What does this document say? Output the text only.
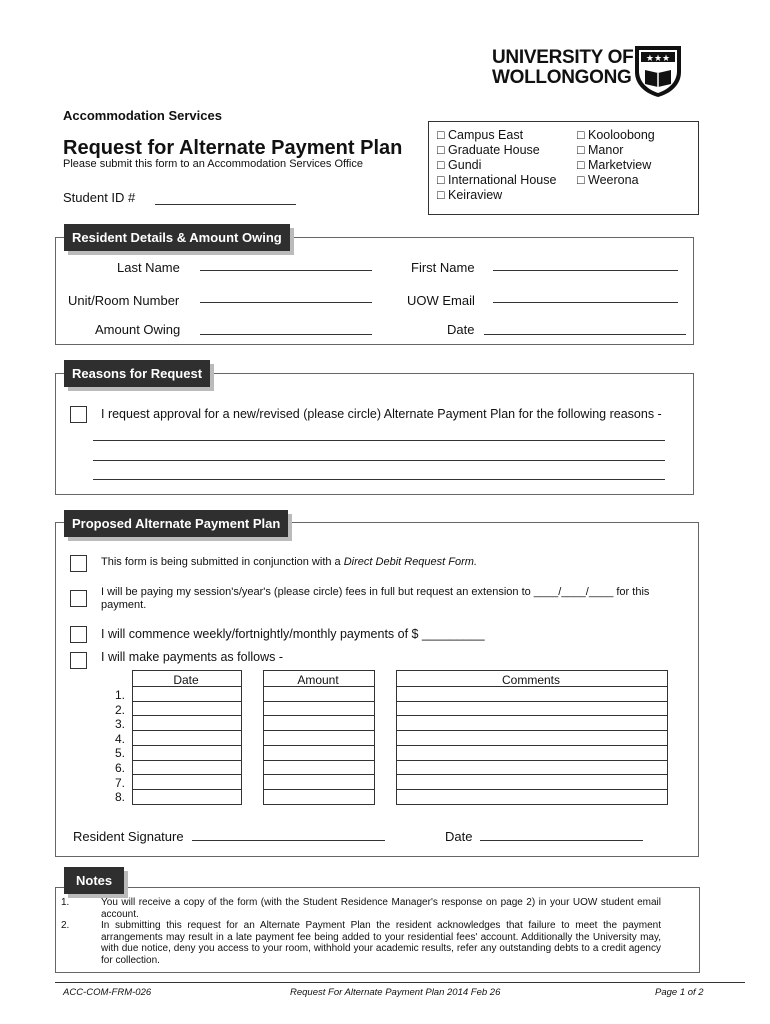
UNIVERSITY OF
WOLLONGONG
★★★
Accommodation Services
Request for Alternate Payment Plan
Please submit this form to an Accommodation Services Office
Student ID #
□ Campus East
□ Graduate House
□ Gundi
□ International House
□ Keiraview
□ Kooloobong
□ Manor
□ Marketview
□ Weerona
Resident Details & Amount Owing
Last Name	First Name
Unit/Room Number	UOW Email
Amount Owing	Date
Reasons for Request
I request approval for a new/revised (please circle) Alternate Payment Plan for the following reasons -
Proposed Alternate Payment Plan
This form is being submitted in conjunction with a Direct Debit Request Form.
I will be paying my session's/year's (please circle) fees in full but request an extension to ____/____/____ for this payment.
I will commence weekly/fortnightly/monthly payments of $ _________
I will make payments as follows -
Date	Amount	Comments
1.
2.
3.
4.
5.
6.
7.
8.
Resident Signature	Date
Notes
1.	You will receive a copy of the form (with the Student Residence Manager's response on page 2) in your UOW student email account.
2.	In submitting this request for an Alternate Payment Plan the resident acknowledges that failure to meet the payment arrangements may result in a late payment fee being added to your residential fees' account. Additionally the University may, with due notice, deny you access to your room, withhold your academic results, refer any outstanding debts to a credit agency for collection.
ACC-COM-FRM-026	Request For Alternate Payment Plan 2014 Feb 26	Page 1 of 2
